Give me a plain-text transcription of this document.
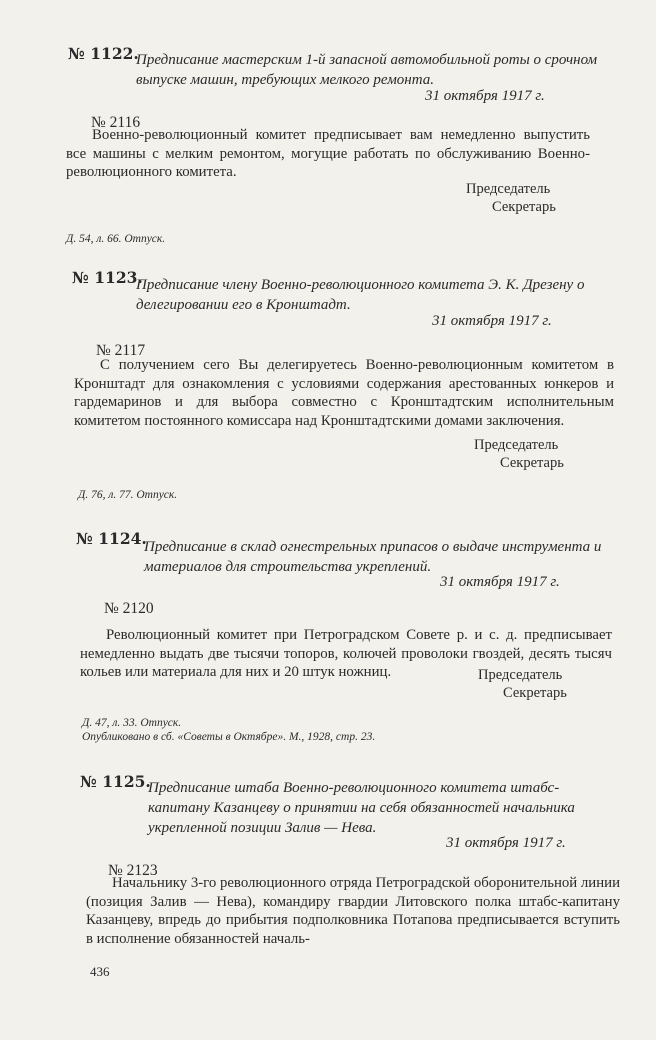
№ 1122.

Предписание мастерским 1-й запасной автомобильной роты о срочном выпуске машин, требующих мелкого ремонта.

31 октября 1917 г.

№ 2116

Военно-революционный комитет предписывает вам немедленно выпустить все машины с мелким ремонтом, могущие работать по обслуживанию Военно-революционного комитета.

Председатель

Секретарь

Д. 54, л. 66. Отпуск.

№ 1123.

Предписание члену Военно-революционного комитета Э. К. Дрезену о делегировании его в Кронштадт.

31 октября 1917 г.

№ 2117

С получением сего Вы делегируетесь Военно-революционным комитетом в Кронштадт для ознакомления с условиями содержания арестованных юнкеров и гардемаринов и для выбора совместно с Кронштадтским исполнительным комитетом постоянного комиссара над Кронштадтскими домами заключения.

Председатель

Секретарь

Д. 76, л. 77. Отпуск.

№ 1124.

Предписание в склад огнестрельных припасов о выдаче инструмента и материалов для строительства укреплений.

31 октября 1917 г.

№ 2120

Революционный комитет при Петроградском Совете р. и с. д. предписывает немедленно выдать две тысячи топоров, колючей проволоки гвоздей, десять тысяч кольев или материала для них и 20 штук ножниц.	Председатель

Секретарь

Д. 47, л. 33. Отпуск.

Опубликовано в сб. «Советы в Октябре». М., 1928, стр. 23.

№ 1125.

Предписание штаба Военно-революционного комитета штабс-капитану Казанцеву о принятии на себя обязанностей начальника укрепленной позиции Залив — Нева.

31 октября 1917 г.

№ 2123

Начальнику 3-го революционного отряда Петроградской оборонительной линии (позиция Залив — Нева), командиру гвардии Литовского полка штабс-капитану Казанцеву, впредь до прибытия подполковника Потапова предписывается вступить в исполнение обязанностей началь-

436
